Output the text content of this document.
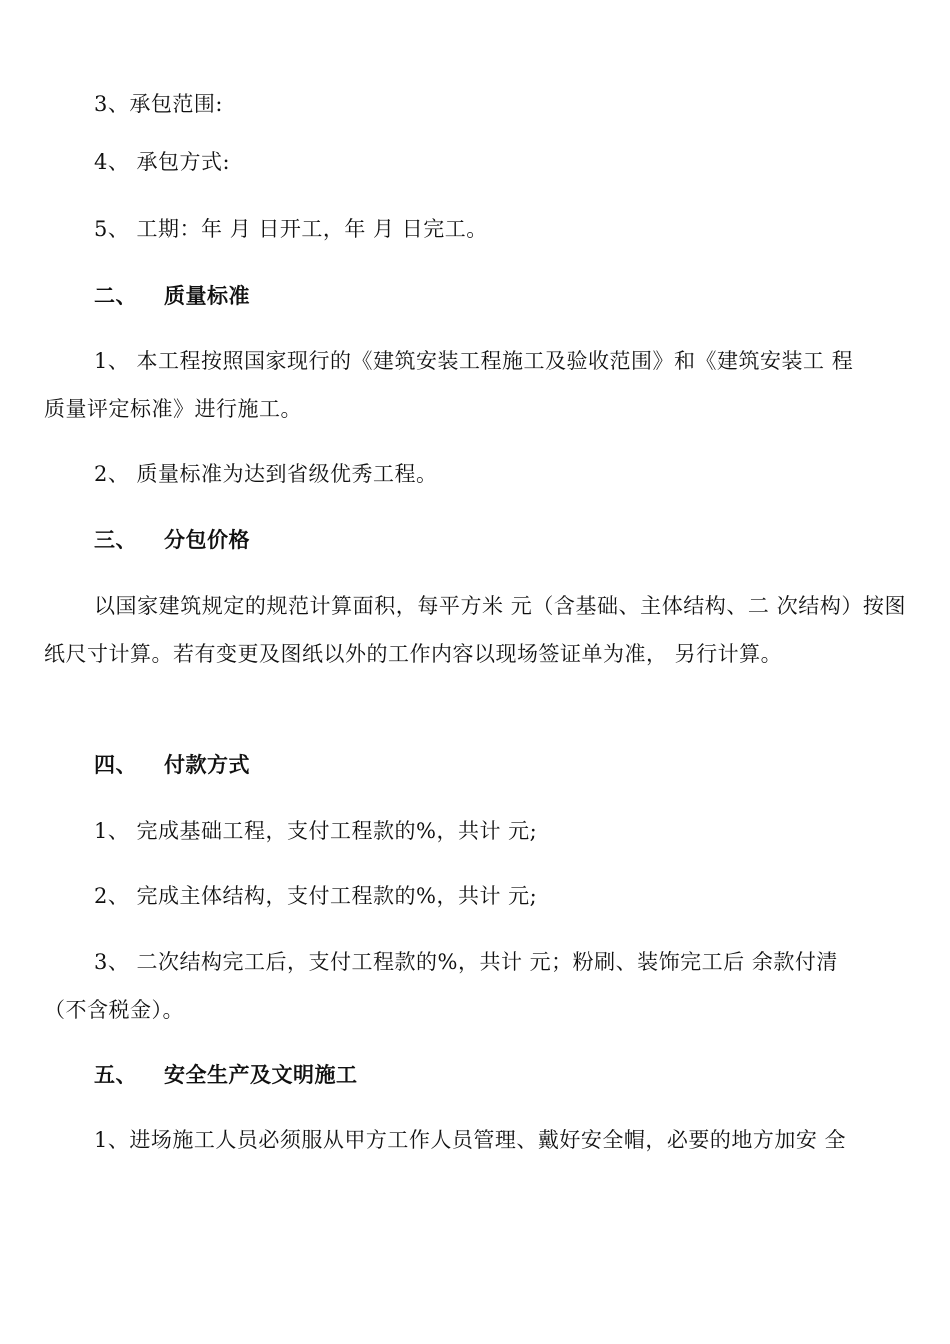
3、承包范围:
4、 承包方式:
5、 工期：年 月 日开工，年 月 日完工。
二、 质量标准
1、 本工程按照国家现行的《建筑安装工程施工及验收范围》和《建筑安装工 程
质量评定标准》进行施工。
2、 质量标准为达到省级优秀工程。
三、 分包价格
以国家建筑规定的规范计算面积，每平方米 元（含基础、主体结构、二 次结构）按图纸尺寸计算。若有变更及图纸以外的工作内容以现场签证单为准， 另行计算。
四、 付款方式
1、 完成基础工程，支付工程款的%，共计 元;
2、 完成主体结构，支付工程款的%，共计 元;
3、 二次结构完工后，支付工程款的%，共计 元；粉刷、装饰完工后 余款付清
（不含税金）。
五、 安全生产及文明施工
1、进场施工人员必须服从甲方工作人员管理、戴好安全帽，必要的地方加安 全
